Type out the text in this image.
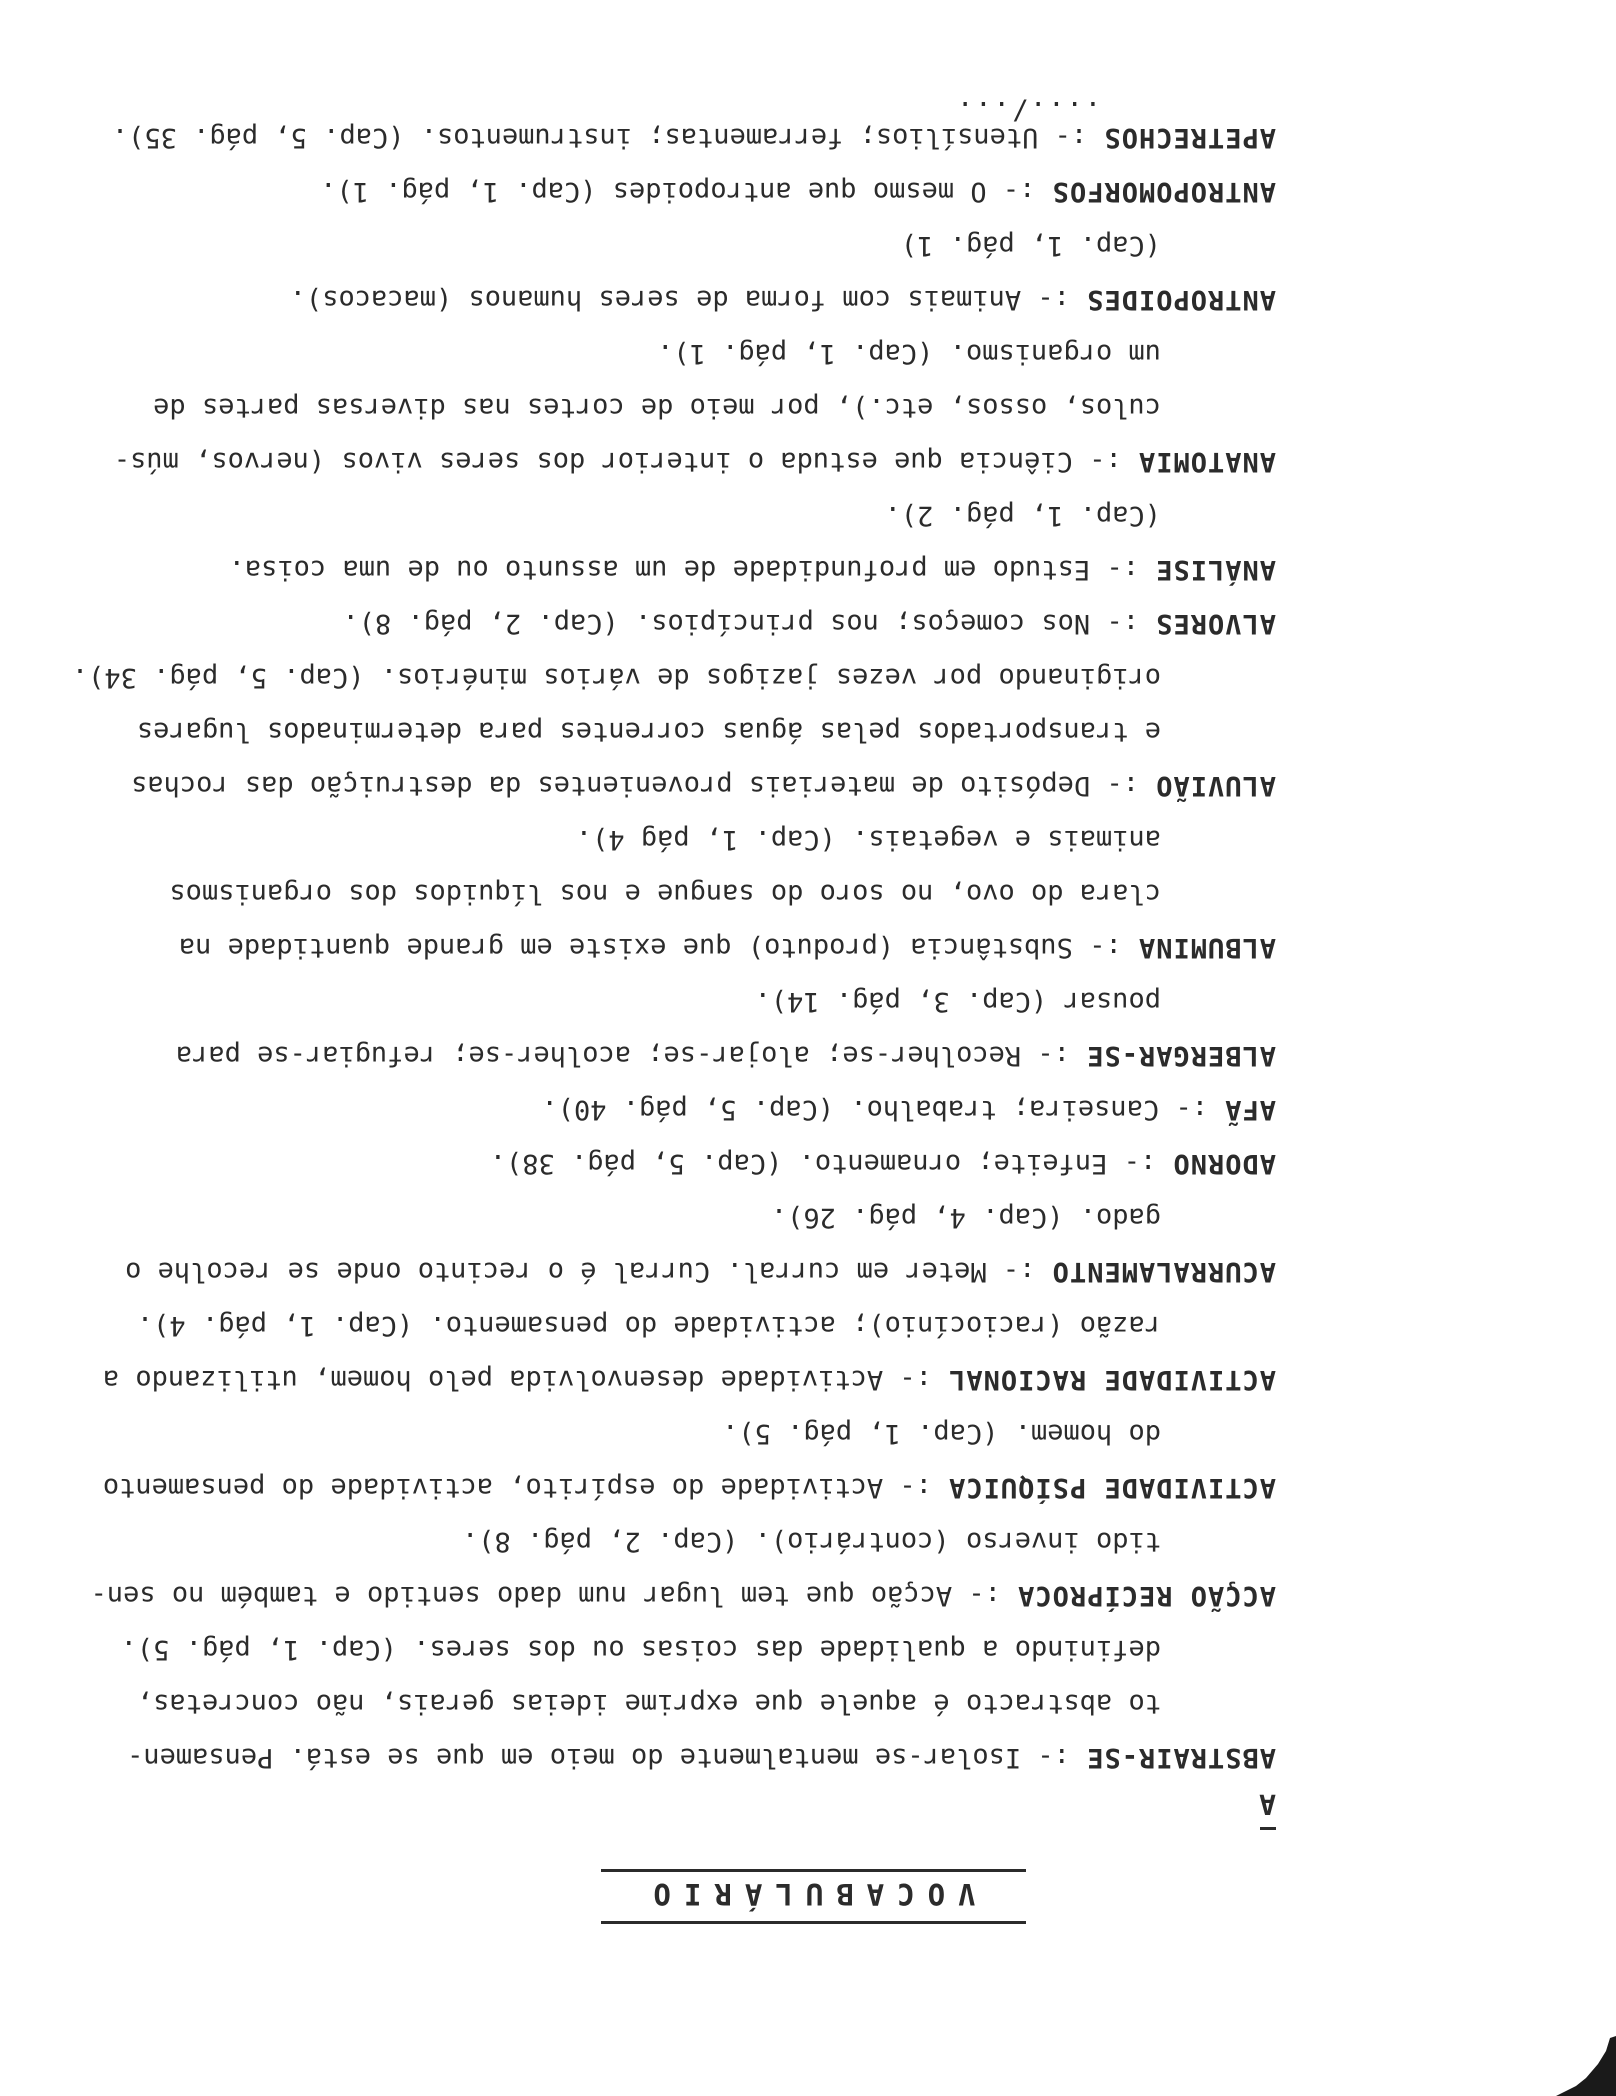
VOCABULÁRIO
A
ABSTRAIR-SE :- Isolar-se mentalmente do meio em que se está. Pensamen-
to abstracto é aquele que exprime ideias gerais, não concretas,
definindo a qualidade das coisas ou dos seres. (Cap. 1, pág. 5).
ACÇÃO RECÍPROCA :- Acção que tem lugar num dado sentido e também no sen-
tido inverso (contrário). (Cap. 2, pág. 8).
ACTIVIDADE PSÍQUICA :- Actividade do espírito, actividade do pensamento
do homem. (Cap. 1, pág. 5).
ACTIVIDADE RACIONAL :- Actividade desenvolvida pelo homem, utilizando a
razão (raciocínio); actividade do pensamento. (Cap. 1, pág. 4).
ACURRALAMENTO :- Meter em curral. Curral é o recinto onde se recolhe o
gado. (Cap. 4, pág. 26).
ADORNO :- Enfeite; ornamento. (Cap. 5, pág. 38).
AFÃ :- Canseira; trabalho. (Cap. 5, pág. 40).
ALBERGAR-SE :- Recolher-se; alojar-se; acolher-se; refugiar-se para
pousar (Cap. 3, pág. 14).
ALBUMINA :- Substância (produto) que existe em grande quantidade na
clara do ovo, no soro do sangue e nos líquidos dos organismos
animais e vegetais. (Cap. 1, pág 4).
ALUVIÃO :- Depósito de materiais provenientes da destruição das rochas
e transportados pelas águas correntes para determinados lugares
originando por vezes jazigos de vários minérios. (Cap. 5, pág. 34).
ALVORES :- Nos começos; nos princípios. (Cap. 2, pág. 8).
ANÁLISE :- Estudo em profundidade de um assunto ou de uma coisa.
(Cap. 1, pág. 2).
ANATOMIA :- Ciência que estuda o interior dos seres vivos (nervos, mús-
culos, ossos, etc.), por meio de cortes nas diversas partes de
um organismo. (Cap. 1, pág. 1).
ANTROPOIDES :- Animais com forma de seres humanos (macacos).
(Cap. 1, pág. 1)
ANTROPOMORFOS :- O mesmo que antropoides (Cap. 1, pág. 1).
APETRECHOS :- Utensílios; ferramentas; instrumentos. (Cap. 5, pág. 35).
..../...
